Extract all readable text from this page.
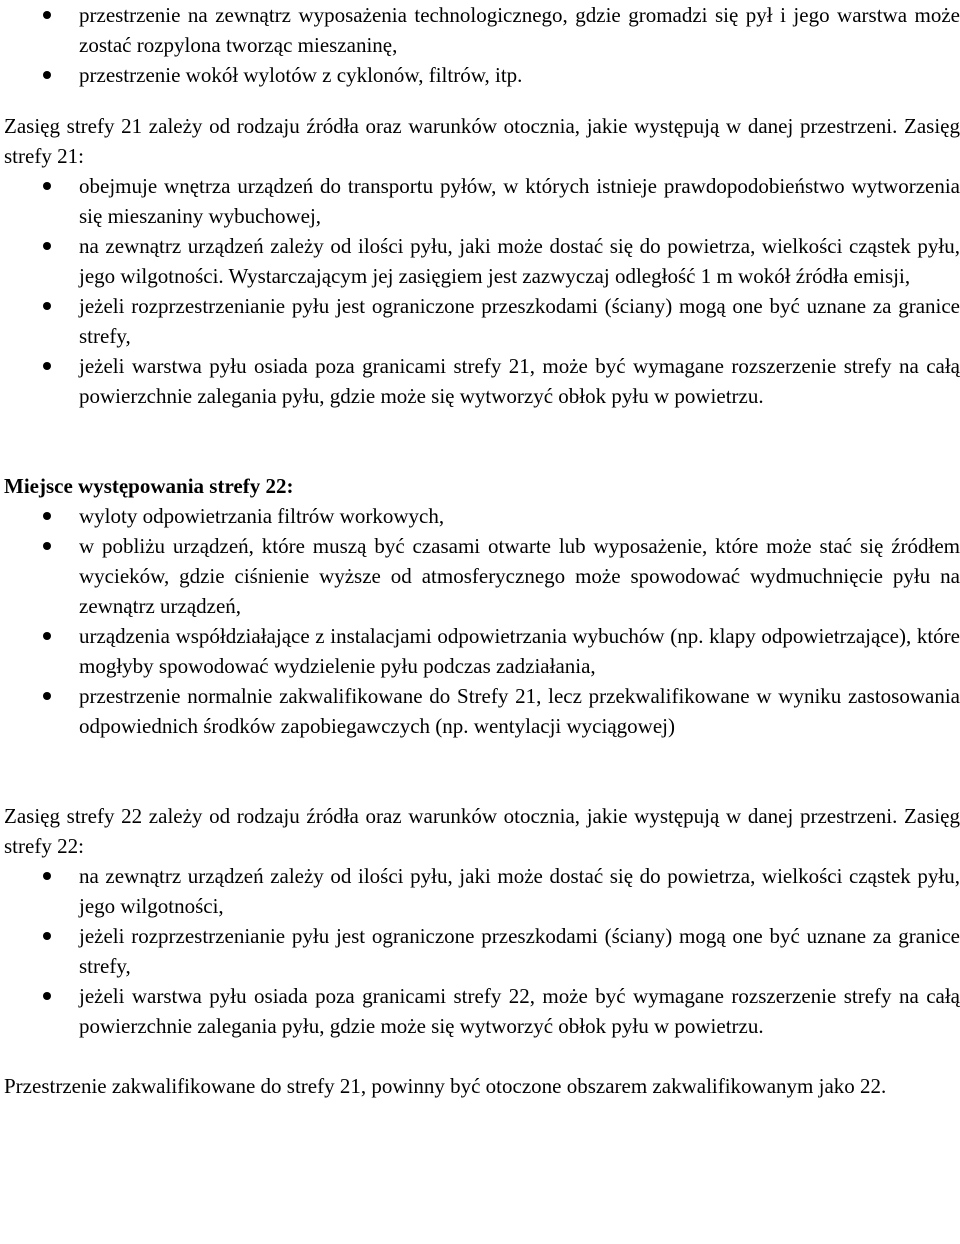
przestrzenie na zewnątrz wyposażenia technologicznego, gdzie gromadzi się pył i jego warstwa może zostać rozpylona tworząc mieszaninę,
przestrzenie wokół wylotów z cyklonów, filtrów, itp.

Zasięg strefy 21 zależy od rodzaju źródła oraz warunków otocznia, jakie występują w danej przestrzeni. Zasięg strefy 21:

obejmuje wnętrza urządzeń do transportu pyłów, w których istnieje prawdopodobieństwo wytworzenia się mieszaniny wybuchowej,
na zewnątrz urządzeń zależy od ilości pyłu, jaki może dostać się do powietrza, wielkości cząstek pyłu, jego wilgotności. Wystarczającym jej zasięgiem jest zazwyczaj odległość 1 m wokół źródła emisji,
jeżeli rozprzestrzenianie pyłu jest ograniczone przeszkodami (ściany) mogą one być uznane za granice strefy,
jeżeli warstwa pyłu osiada poza granicami strefy 21, może być wymagane rozszerzenie strefy na całą powierzchnie zalegania pyłu, gdzie może się wytworzyć obłok pyłu w powietrzu.

Miejsce występowania strefy 22:

wyloty odpowietrzania filtrów workowych,
w pobliżu urządzeń, które muszą być czasami otwarte lub wyposażenie, które może stać się źródłem wycieków, gdzie ciśnienie wyższe od atmosferycznego może spowodować wydmuchnięcie pyłu na zewnątrz urządzeń,
urządzenia współdziałające z instalacjami odpowietrzania wybuchów (np. klapy odpowietrzające), które mogłyby spowodować wydzielenie pyłu podczas zadziałania,
przestrzenie normalnie zakwalifikowane do Strefy 21, lecz przekwalifikowane w wyniku zastosowania odpowiednich środków zapobiegawczych (np. wentylacji wyciągowej)

Zasięg strefy 22 zależy od rodzaju źródła oraz warunków otocznia, jakie występują w danej przestrzeni. Zasięg strefy 22:

na zewnątrz urządzeń zależy od ilości pyłu, jaki może dostać się do powietrza, wielkości cząstek pyłu, jego wilgotności,
jeżeli rozprzestrzenianie pyłu jest ograniczone przeszkodami (ściany) mogą one być uznane za granice strefy,
jeżeli warstwa pyłu osiada poza granicami strefy 22, może być wymagane rozszerzenie strefy na całą powierzchnie zalegania pyłu, gdzie może się wytworzyć obłok pyłu w powietrzu.

Przestrzenie zakwalifikowane do strefy 21, powinny być otoczone obszarem zakwalifikowanym jako 22.
